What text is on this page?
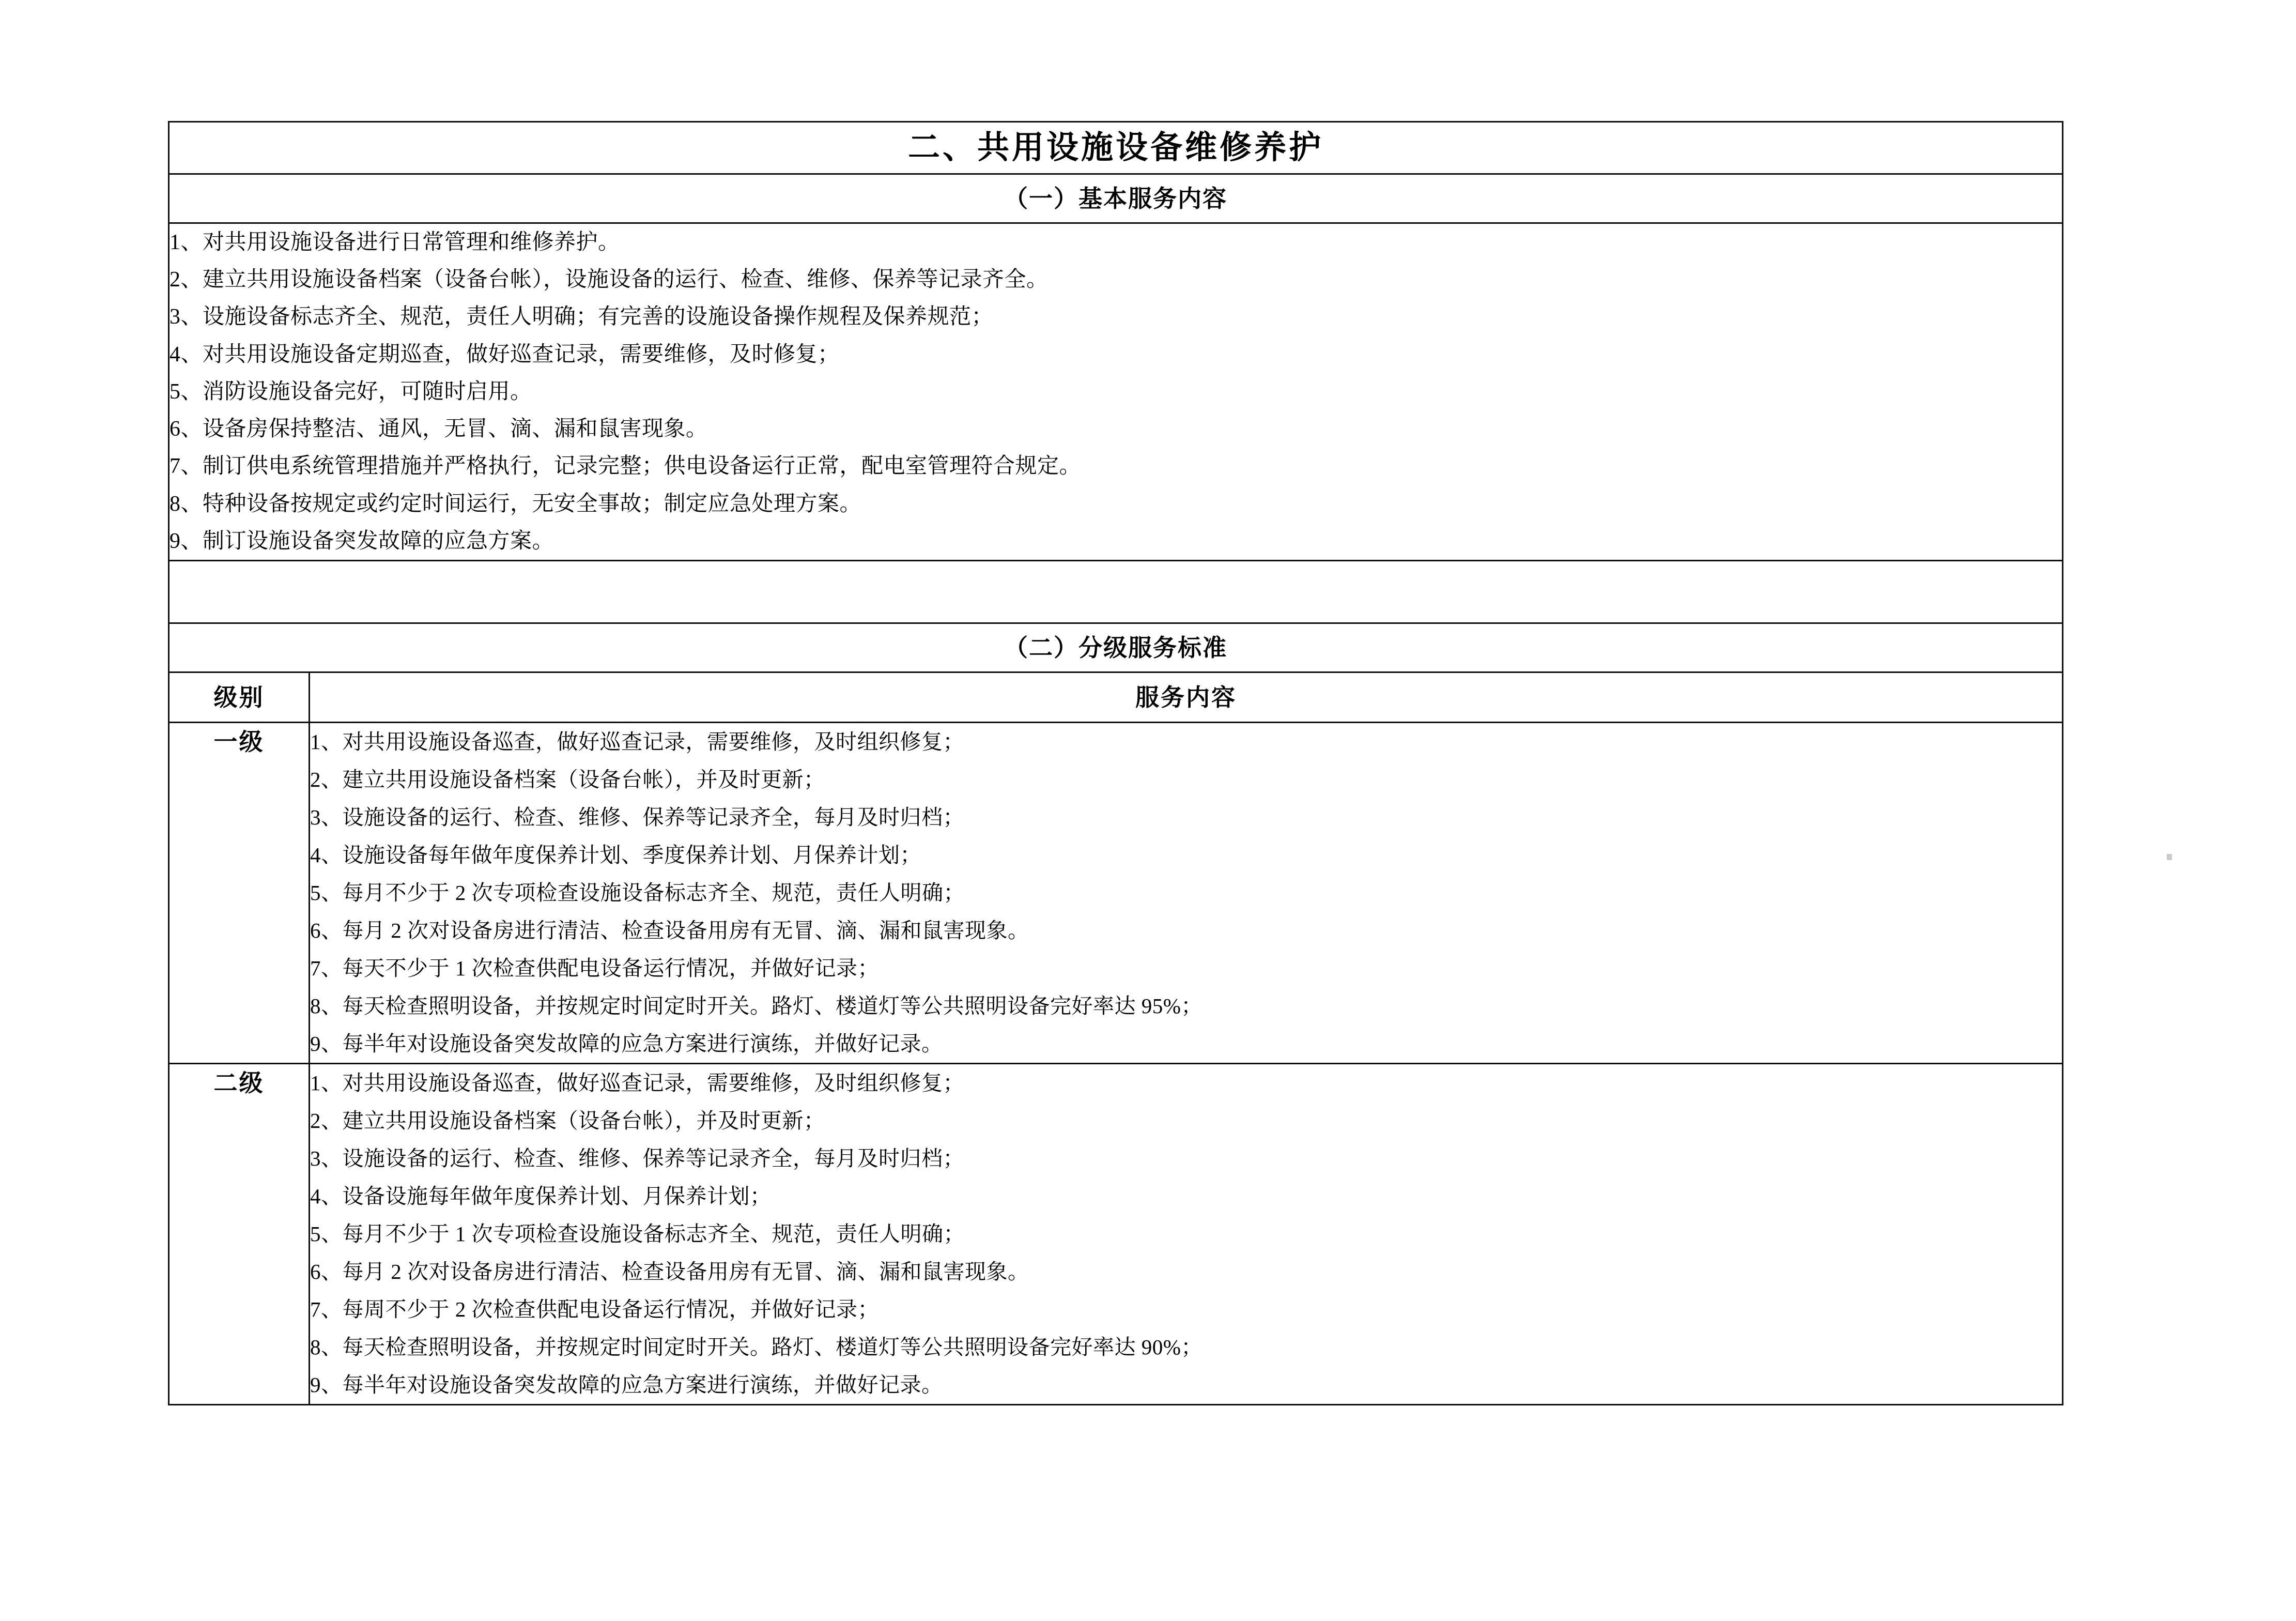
二、共用设施设备维修养护	

（一）基本服务内容	

1、对共用设施设备进行日常管理和维修养护。
2、建立共用设施设备档案（设备台帐），设施设备的运行、检查、维修、保养等记录齐全。
3、设施设备标志齐全、规范，责任人明确；有完善的设施设备操作规程及保养规范；
4、对共用设施设备定期巡查，做好巡查记录，需要维修，及时修复；
5、消防设施设备完好，可随时启用。
6、设备房保持整洁、通风，无冒、滴、漏和鼠害现象。
7、制订供电系统管理措施并严格执行，记录完整；供电设备运行正常，配电室管理符合规定。
8、特种设备按规定或约定时间运行，无安全事故；制定应急处理方案。
9、制订设施设备突发故障的应急方案。

（二）分级服务标准	

级别	服务内容

一级	1、对共用设施设备巡查，做好巡查记录，需要维修，及时组织修复；
2、建立共用设施设备档案（设备台帐），并及时更新；
3、设施设备的运行、检查、维修、保养等记录齐全，每月及时归档；
4、设施设备每年做年度保养计划、季度保养计划、月保养计划；
5、每月不少于 2 次专项检查设施设备标志齐全、规范，责任人明确；
6、每月 2 次对设备房进行清洁、检查设备用房有无冒、滴、漏和鼠害现象。
7、每天不少于 1 次检查供配电设备运行情况，并做好记录；
8、每天检查照明设备，并按规定时间定时开关。路灯、楼道灯等公共照明设备完好率达 95%；
9、每半年对设施设备突发故障的应急方案进行演练，并做好记录。

二级	1、对共用设施设备巡查，做好巡查记录，需要维修，及时组织修复；
2、建立共用设施设备档案（设备台帐），并及时更新；
3、设施设备的运行、检查、维修、保养等记录齐全，每月及时归档；
4、设备设施每年做年度保养计划、月保养计划；
5、每月不少于 1 次专项检查设施设备标志齐全、规范，责任人明确；
6、每月 2 次对设备房进行清洁、检查设备用房有无冒、滴、漏和鼠害现象。
7、每周不少于 2 次检查供配电设备运行情况，并做好记录；
8、每天检查照明设备，并按规定时间定时开关。路灯、楼道灯等公共照明设备完好率达 90%；
9、每半年对设施设备突发故障的应急方案进行演练，并做好记录。
